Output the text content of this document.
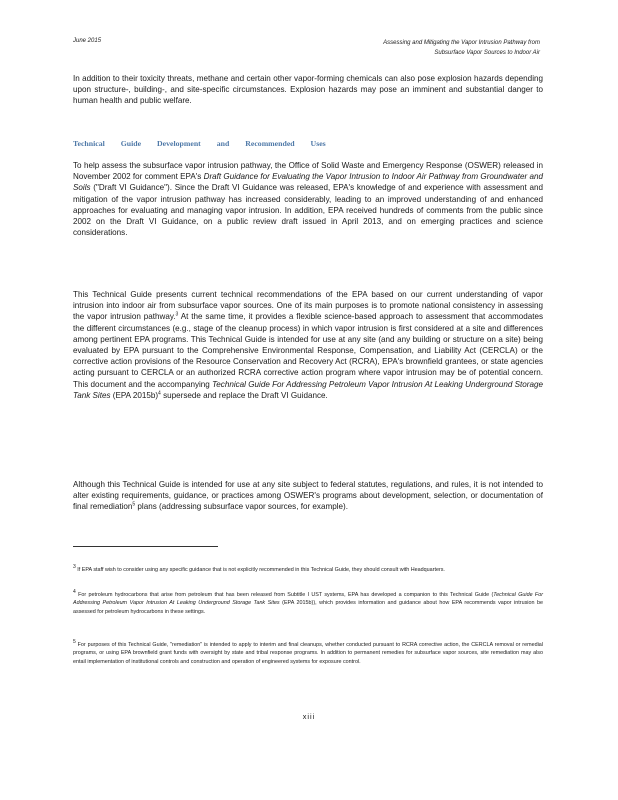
June 2015	Assessing and Mitigating the Vapor Intrusion Pathway from
Subsurface Vapor Sources to Indoor Air

In addition to their toxicity threats, methane and certain other vapor-forming chemicals can also pose explosion hazards depending upon structure-, building-, and site-specific circumstances. Explosion hazards may pose an imminent and substantial danger to human health and public welfare.

Technical Guide Development and Recommended Uses

To help assess the subsurface vapor intrusion pathway, the Office of Solid Waste and Emergency Response (OSWER) released in November 2002 for comment EPA's Draft Guidance for Evaluating the Vapor Intrusion to Indoor Air Pathway from Groundwater and Soils ("Draft VI Guidance"). Since the Draft VI Guidance was released, EPA's knowledge of and experience with assessment and mitigation of the vapor intrusion pathway has increased considerably, leading to an improved understanding of and enhanced approaches for evaluating and managing vapor intrusion. In addition, EPA received hundreds of comments from the public since 2002 on the Draft VI Guidance, on a public review draft issued in April 2013, and on emerging practices and science considerations.

This Technical Guide presents current technical recommendations of the EPA based on our current understanding of vapor intrusion into indoor air from subsurface vapor sources. One of its main purposes is to promote national consistency in assessing the vapor intrusion pathway.$^3$ At the same time, it provides a flexible science-based approach to assessment that accommodates the different circumstances (e.g., stage of the cleanup process) in which vapor intrusion is first considered at a site and differences among pertinent EPA programs. This Technical Guide is intended for use at any site (and any building or structure on a site) being evaluated by EPA pursuant to the Comprehensive Environmental Response, Compensation, and Liability Act (CERCLA) or the corrective action provisions of the Resource Conservation and Recovery Act (RCRA), EPA's brownfield grantees, or state agencies acting pursuant to CERCLA or an authorized RCRA corrective action program where vapor intrusion may be of potential concern. This document and the accompanying Technical Guide For Addressing Petroleum Vapor Intrusion At Leaking Underground Storage Tank Sites (EPA 2015b)$^4$ supersede and replace the Draft VI Guidance.

Although this Technical Guide is intended for use at any site subject to federal statutes, regulations, and rules, it is not intended to alter existing requirements, guidance, or practices among OSWER's programs about development, selection, or documentation of final remediation$^5$ plans (addressing subsurface vapor sources, for example).

$^3$ If EPA staff wish to consider using any specific guidance that is not explicitly recommended in this Technical Guide, they should consult with Headquarters.
$^4$ For petroleum hydrocarbons that arise from petroleum that has been released from Subtitle I UST systems, EPA has developed a companion to this Technical Guide (Technical Guide For Addressing Petroleum Vapor Intrusion At Leaking Underground Storage Tank Sites (EPA 2015b)), which provides information and guidance about how EPA recommends vapor intrusion be assessed for petroleum hydrocarbons in these settings.
$^5$ For purposes of this Technical Guide, "remediation" is intended to apply to interim and final cleanups, whether conducted pursuant to RCRA corrective action, the CERCLA removal or remedial programs, or using EPA brownfield grant funds with oversight by state and tribal response programs. In addition to permanent remedies for subsurface vapor sources, site remediation may also entail implementation of institutional controls and construction and operation of engineered systems for exposure control.
xiii
